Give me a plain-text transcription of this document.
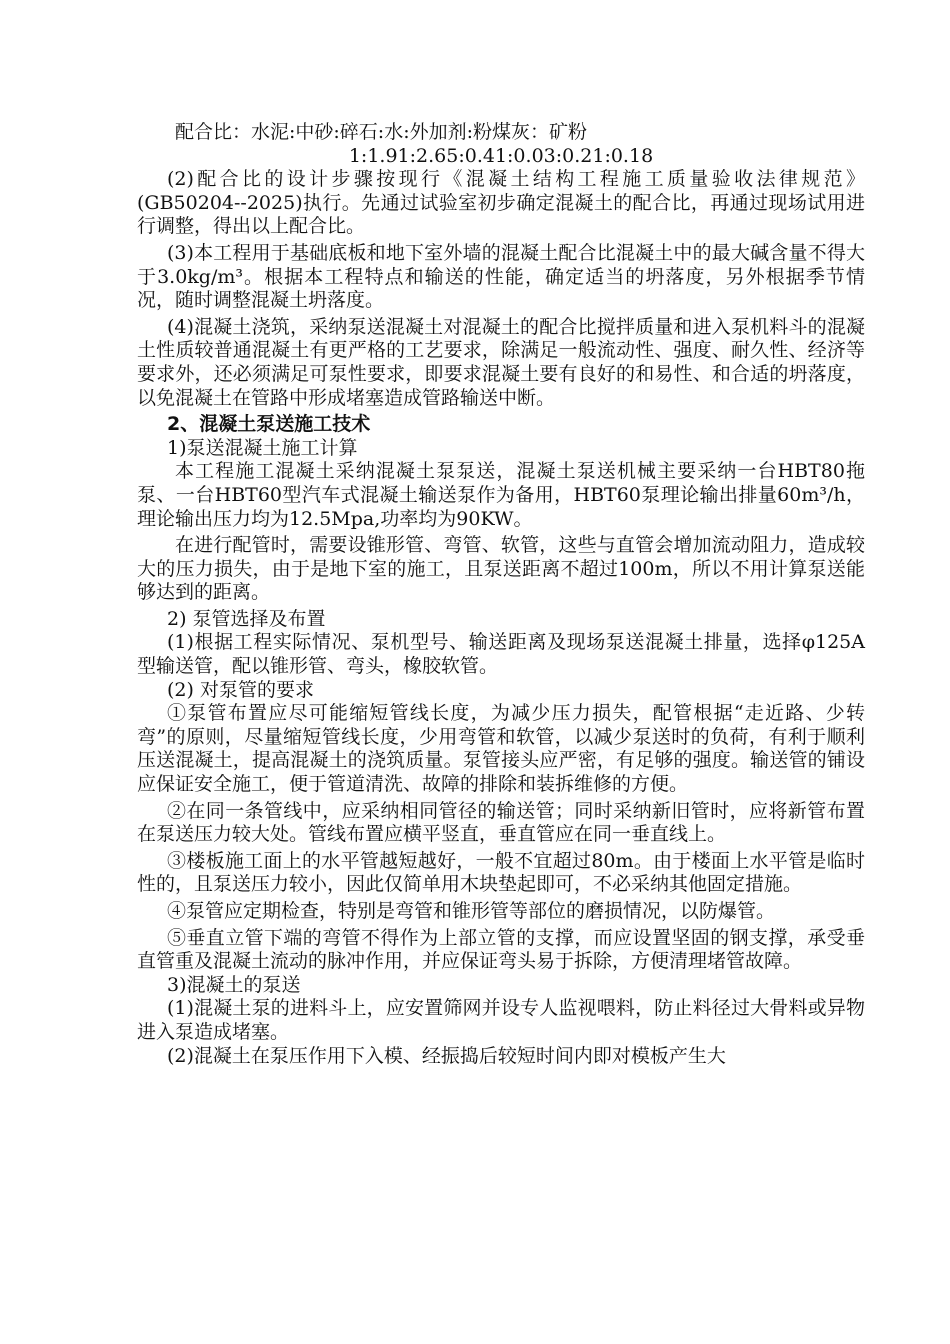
配合比：水泥:中砂:碎石:水:外加剂:粉煤灰：矿粉

1:1.91:2.65:0.41:0.03:0.21:0.18

(2)配合比的设计步骤按现行《混凝土结构工程施工质量验收法律规范》(GB50204--2025)执行。先通过试验室初步确定混凝土的配合比，再通过现场试用进行调整，得出以上配合比。

(3)本工程用于基础底板和地下室外墙的混凝土配合比混凝土中的最大碱含量不得大于3.0kg/m³。根据本工程特点和输送的性能，确定适当的坍落度，另外根据季节情况，随时调整混凝土坍落度。

(4)混凝土浇筑，采纳泵送混凝土对混凝土的配合比搅拌质量和进入泵机料斗的混凝土性质较普通混凝土有更严格的工艺要求，除满足一般流动性、强度、耐久性、经济等要求外，还必须满足可泵性要求，即要求混凝土要有良好的和易性、和合适的坍落度，以免混凝土在管路中形成堵塞造成管路输送中断。

2、混凝土泵送施工技术

1)泵送混凝土施工计算

本工程施工混凝土采纳混凝土泵泵送，混凝土泵送机械主要采纳一台HBT80拖泵、一台HBT60型汽车式混凝土输送泵作为备用，HBT60泵理论输出排量60m³/h，理论输出压力均为12.5Mpa,功率均为90KW。

在进行配管时，需要设锥形管、弯管、软管，这些与直管会增加流动阻力，造成较大的压力损失，由于是地下室的施工，且泵送距离不超过100m，所以不用计算泵送能够达到的距离。

2) 泵管选择及布置

(1)根据工程实际情况、泵机型号、输送距离及现场泵送混凝土排量，选择φ125A型输送管，配以锥形管、弯头，橡胶软管。

(2) 对泵管的要求

①泵管布置应尽可能缩短管线长度，为减少压力损失，配管根据“走近路、少转弯”的原则，尽量缩短管线长度，少用弯管和软管，以减少泵送时的负荷，有利于顺利压送混凝土，提高混凝土的浇筑质量。泵管接头应严密，有足够的强度。输送管的铺设应保证安全施工，便于管道清洗、故障的排除和装拆维修的方便。

②在同一条管线中，应采纳相同管径的输送管；同时采纳新旧管时，应将新管布置在泵送压力较大处。管线布置应横平竖直，垂直管应在同一垂直线上。

③楼板施工面上的水平管越短越好，一般不宜超过80m。由于楼面上水平管是临时性的，且泵送压力较小，因此仅简单用木块垫起即可，不必采纳其他固定措施。

④泵管应定期检查，特别是弯管和锥形管等部位的磨损情况，以防爆管。

⑤垂直立管下端的弯管不得作为上部立管的支撑，而应设置坚固的钢支撑，承受垂直管重及混凝土流动的脉冲作用，并应保证弯头易于拆除，方便清理堵管故障。

3)混凝土的泵送

(1)混凝土泵的进料斗上，应安置筛网并设专人监视喂料，防止料径过大骨料或异物进入泵造成堵塞。

(2)混凝土在泵压作用下入模、经振捣后较短时间内即对模板产生大
